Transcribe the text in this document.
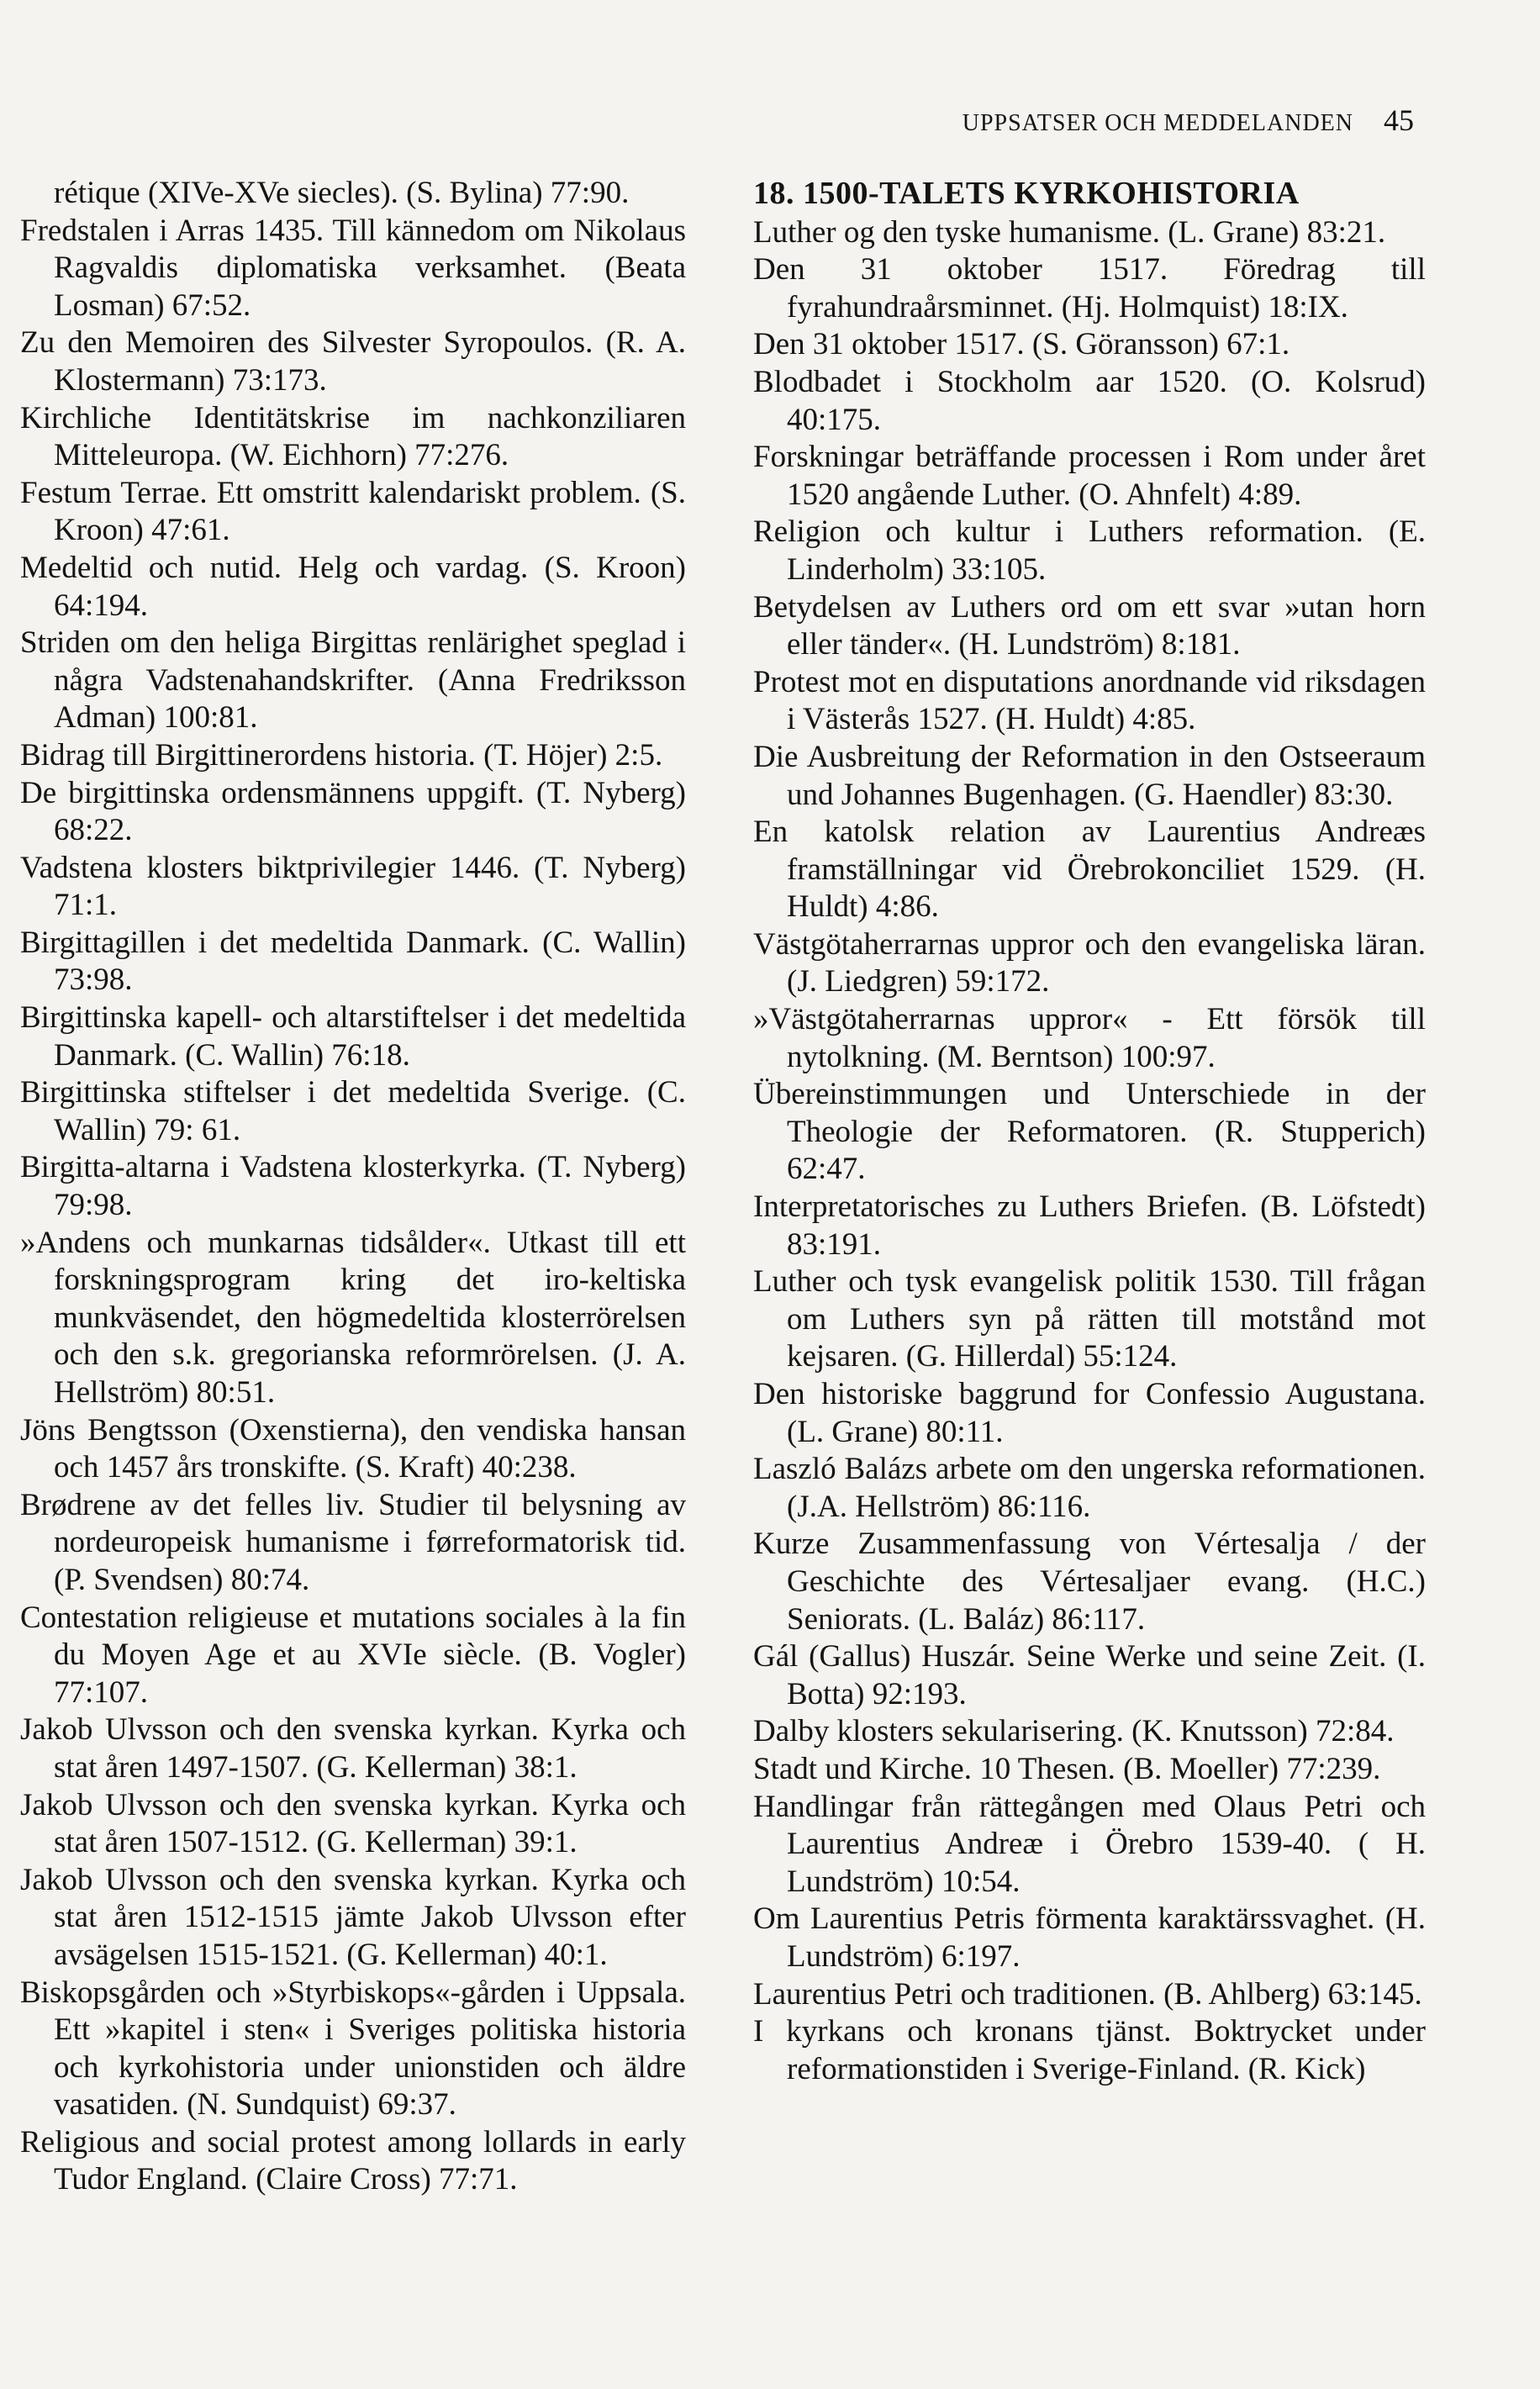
UPPSATSER OCH MEDDELANDEN 45

rétique (XIVe-XVe siecles). (S. Bylina) 77:90.

Fredstalen i Arras 1435. Till kännedom om Nikolaus Ragvaldis diplomatiska verksamhet. (Beata Losman) 67:52.

Zu den Memoiren des Silvester Syropoulos. (R. A. Klostermann) 73:173.

Kirchliche Identitätskrise im nachkonziliaren Mitteleuropa. (W. Eichhorn) 77:276.

Festum Terrae. Ett omstritt kalendariskt problem. (S. Kroon) 47:61.

Medeltid och nutid. Helg och vardag. (S. Kroon) 64:194.

Striden om den heliga Birgittas renlärighet speglad i några Vadstenahandskrifter. (Anna Fredriksson Adman) 100:81.

Bidrag till Birgittinerordens historia. (T. Höjer) 2:5.

De birgittinska ordensmännens uppgift. (T. Nyberg) 68:22.

Vadstena klosters biktprivilegier 1446. (T. Nyberg) 71:1.

Birgittagillen i det medeltida Danmark. (C. Wallin) 73:98.

Birgittinska kapell- och altarstiftelser i det medeltida Danmark. (C. Wallin) 76:18.

Birgittinska stiftelser i det medeltida Sverige. (C. Wallin) 79: 61.

Birgitta-altarna i Vadstena klosterkyrka. (T. Nyberg) 79:98.

»Andens och munkarnas tidsålder«. Utkast till ett forskningsprogram kring det iro-keltiska munkväsendet, den högmedeltida klosterrörelsen och den s.k. gregorianska reformrörelsen. (J. A. Hellström) 80:51.

Jöns Bengtsson (Oxenstierna), den vendiska hansan och 1457 års tronskifte. (S. Kraft) 40:238.

Brødrene av det felles liv. Studier til belysning av nordeuropeisk humanisme i førreformatorisk tid. (P. Svendsen) 80:74.

Contestation religieuse et mutations sociales à la fin du Moyen Age et au XVIe siècle. (B. Vogler) 77:107.

Jakob Ulvsson och den svenska kyrkan. Kyrka och stat åren 1497-1507. (G. Kellerman) 38:1.

Jakob Ulvsson och den svenska kyrkan. Kyrka och stat åren 1507-1512. (G. Kellerman) 39:1.

Jakob Ulvsson och den svenska kyrkan. Kyrka och stat åren 1512-1515 jämte Jakob Ulvsson efter avsägelsen 1515-1521. (G. Kellerman) 40:1.

Biskopsgården och »Styrbiskops«-gården i Uppsala. Ett »kapitel i sten« i Sveriges politiska historia och kyrkohistoria under unionstiden och äldre vasatiden. (N. Sundquist) 69:37.

Religious and social protest among lollards in early Tudor England. (Claire Cross) 77:71.

18. 1500-TALETS KYRKOHISTORIA

Luther og den tyske humanisme. (L. Grane) 83:21.

Den 31 oktober 1517. Föredrag till fyrahundraårsminnet. (Hj. Holmquist) 18:IX.

Den 31 oktober 1517. (S. Göransson) 67:1.

Blodbadet i Stockholm aar 1520. (O. Kolsrud) 40:175.

Forskningar beträffande processen i Rom under året 1520 angående Luther. (O. Ahnfelt) 4:89.

Religion och kultur i Luthers reformation. (E. Linderholm) 33:105.

Betydelsen av Luthers ord om ett svar »utan horn eller tänder«. (H. Lundström) 8:181.

Protest mot en disputations anordnande vid riksdagen i Västerås 1527. (H. Huldt) 4:85.

Die Ausbreitung der Reformation in den Ostseeraum und Johannes Bugenhagen. (G. Haendler) 83:30.

En katolsk relation av Laurentius Andreæs framställningar vid Örebrokonciliet 1529. (H. Huldt) 4:86.

Västgötaherrarnas uppror och den evangeliska läran. (J. Liedgren) 59:172.

»Västgötaherrarnas uppror« - Ett försök till nytolkning. (M. Berntson) 100:97.

Übereinstimmungen und Unterschiede in der Theologie der Reformatoren. (R. Stupperich) 62:47.

Interpretatorisches zu Luthers Briefen. (B. Löfstedt) 83:191.

Luther och tysk evangelisk politik 1530. Till frågan om Luthers syn på rätten till motstånd mot kejsaren. (G. Hillerdal) 55:124.

Den historiske baggrund for Confessio Augustana. (L. Grane) 80:11.

Laszló Balázs arbete om den ungerska reformationen. (J.A. Hellström) 86:116.

Kurze Zusammenfassung von Vértesalja / der Geschichte des Vértesaljaer evang. (H.C.) Seniorats. (L. Baláz) 86:117.

Gál (Gallus) Huszár. Seine Werke und seine Zeit. (I. Botta) 92:193.

Dalby klosters sekularisering. (K. Knutsson) 72:84.

Stadt und Kirche. 10 Thesen. (B. Moeller) 77:239.

Handlingar från rättegången med Olaus Petri och Laurentius Andreæ i Örebro 1539-40. ( H. Lundström) 10:54.

Om Laurentius Petris förmenta karaktärssvaghet. (H. Lundström) 6:197.

Laurentius Petri och traditionen. (B. Ahlberg) 63:145.

I kyrkans och kronans tjänst. Boktrycket under reformationstiden i Sverige-Finland. (R. Kick)
